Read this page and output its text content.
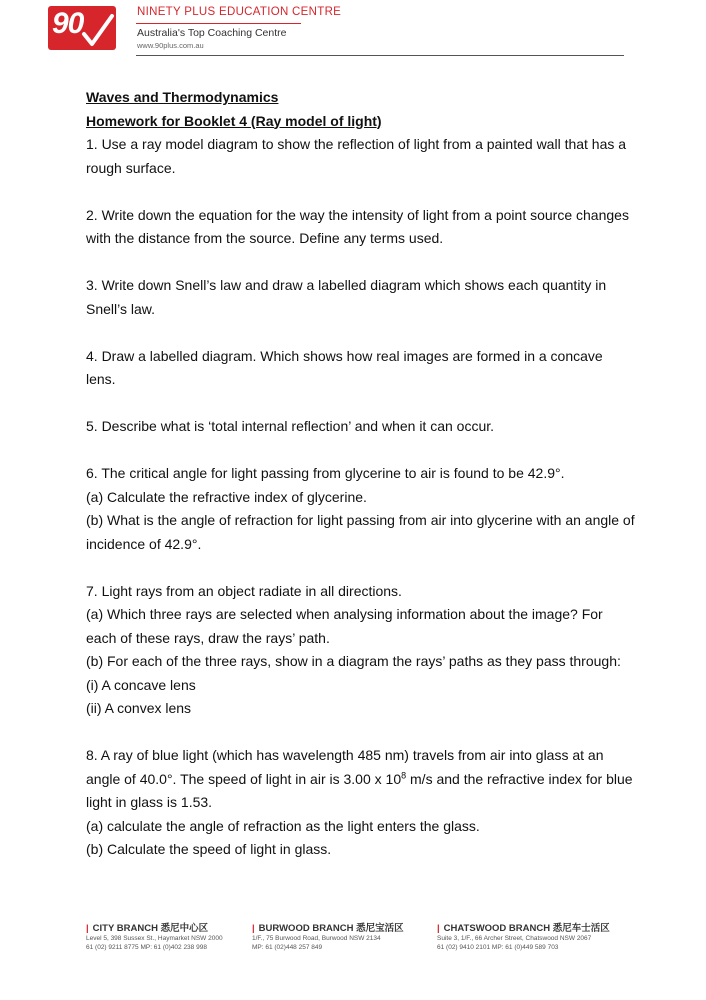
90	NINETY PLUS EDUCATION CENTRE
Australia's Top Coaching Centre
www.90plus.com.au

Waves and Thermodynamics

Homework for Booklet 4 (Ray model of light)

1. Use a ray model diagram to show the reflection of light from a painted wall that has a rough surface.

2. Write down the equation for the way the intensity of light from a point source changes with the distance from the source. Define any terms used.

3. Write down Snell’s law and draw a labelled diagram which shows each quantity in Snell’s law.

4. Draw a labelled diagram. Which shows how real images are formed in a concave lens.

5. Describe what is ‘total internal reflection’ and when it can occur.

6. The critical angle for light passing from glycerine to air is found to be 42.9°.

(a) Calculate the refractive index of glycerine.

(b) What is the angle of refraction for light passing from air into glycerine with an angle of incidence of 42.9°.

7. Light rays from an object radiate in all directions.

(a) Which three rays are selected when analysing information about the image? For each of these rays, draw the rays’ path.

(b) For each of the three rays, show in a diagram the rays’ paths as they pass through:

(i) A concave lens

(ii) A convex lens

8. A ray of blue light (which has wavelength 485 nm) travels from air into glass at an angle of 40.0°. The speed of light in air is 3.00 x $10^8$ m/s and the refractive index for blue light in glass is 1.53.

(a) calculate the angle of refraction as the light enters the glass.

(b) Calculate the speed of light in glass.

| CITY BRANCH 悉尼中心区
Level 5, 398 Sussex St., Haymarket NSW 2000
61 (02) 9211 8775 MP: 61 (0)402 238 998
| BURWOOD BRANCH 悉尼宝活区
1/F., 75 Burwood Road, Burwood NSW 2134
MP: 61 (02)448 257 849
| CHATSWOOD BRANCH 悉尼车士活区
Suite 3, 1/F., 66 Archer Street, Chatswood NSW 2067
61 (02) 9410 2101 MP: 61 (0)449 589 703
